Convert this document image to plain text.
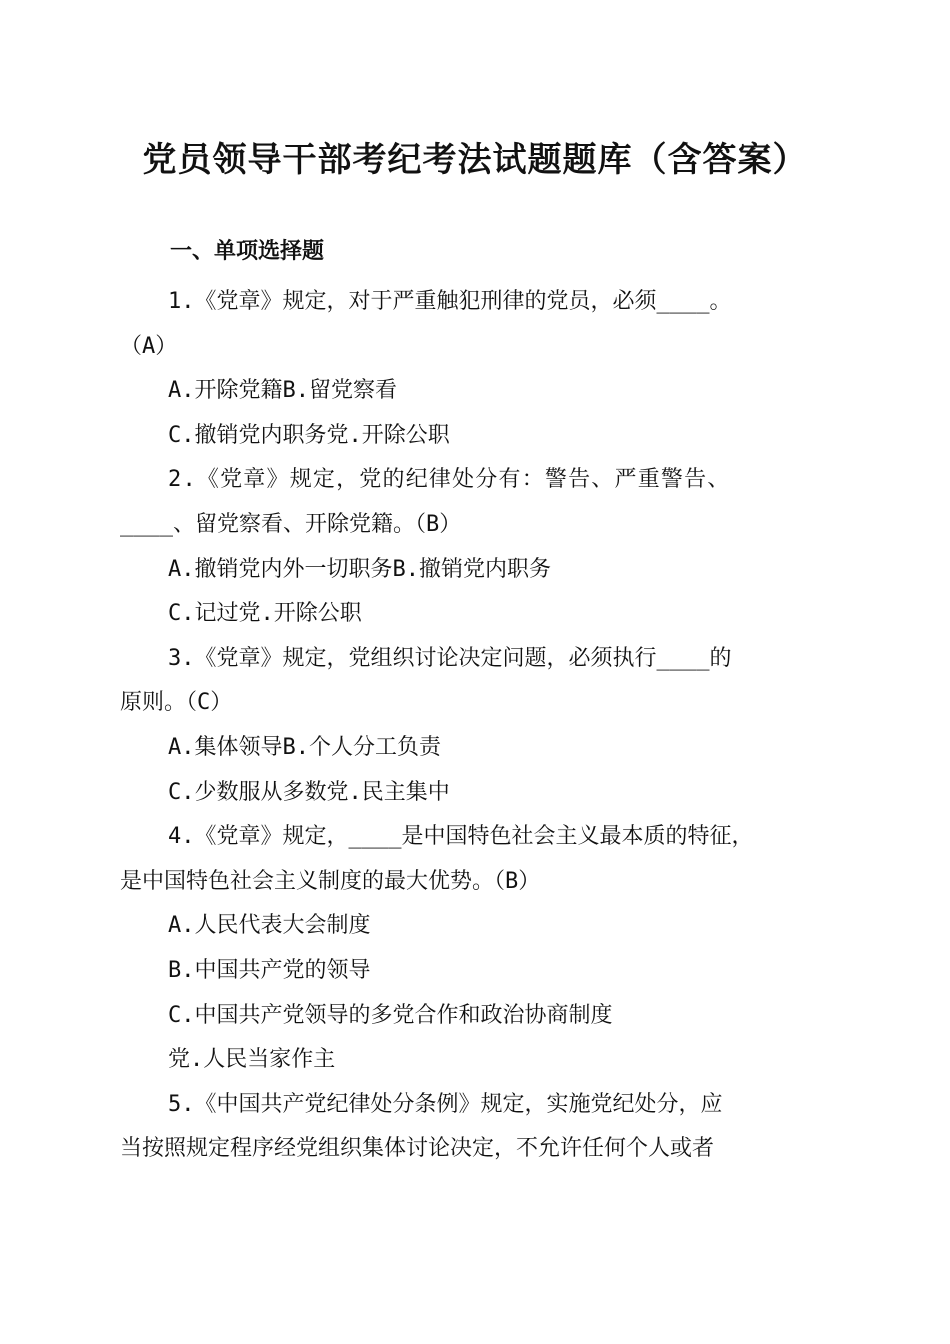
党员领导干部考纪考法试题题库（含答案）
一、单项选择题
1.《党章》规定，对于严重触犯刑律的党员，必须____。
（A）
A.开除党籍B.留党察看
C.撤销党内职务党.开除公职
2.《党章》规定，党的纪律处分有：警告、严重警告、
____、留党察看、开除党籍。（B）
A.撤销党内外一切职务B.撤销党内职务
C.记过党.开除公职
3.《党章》规定，党组织讨论决定问题，必须执行____的
原则。（C）
A.集体领导B.个人分工负责
C.少数服从多数党.民主集中
4.《党章》规定，____是中国特色社会主义最本质的特征，
是中国特色社会主义制度的最大优势。（B）
A.人民代表大会制度
B.中国共产党的领导
C.中国共产党领导的多党合作和政治协商制度
党.人民当家作主
5.《中国共产党纪律处分条例》规定，实施党纪处分，应
当按照规定程序经党组织集体讨论决定，不允许任何个人或者
